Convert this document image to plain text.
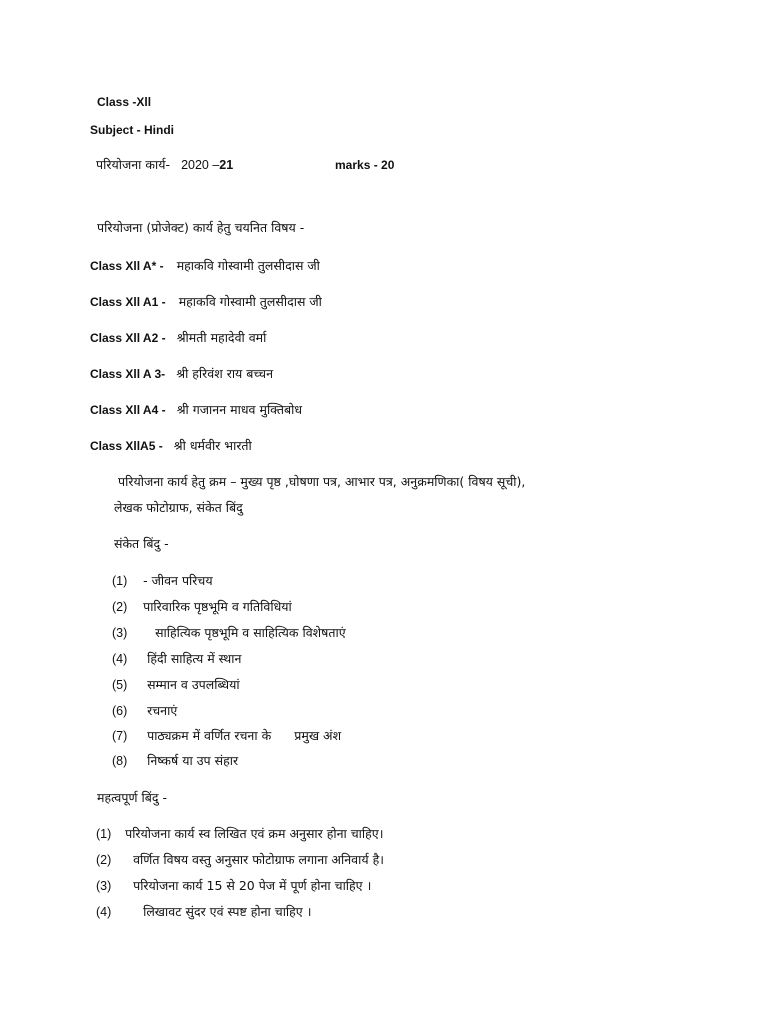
Class -Xll
Subject - Hindi
परियोजना कार्य- 2020 –21	marks - 20
परियोजना (प्रोजेक्ट) कार्य हेतु चयनित विषय -
Class Xll A* - महाकवि गोस्वामी तुलसीदास जी
Class Xll A1 - महाकवि गोस्वामी तुलसीदास जी
Class Xll A2 - श्रीमती महादेवी वर्मा
Class Xll A 3- श्री हरिवंश राय बच्चन
Class Xll A4 - श्री गजानन माधव मुक्तिबोध
Class XllA5 - श्री धर्मवीर भारती
परियोजना कार्य हेतु क्रम – मुख्य पृष्ठ ,घोषणा पत्र, आभार पत्र, अनुक्रमणिका( विषय सूची),
लेखक फोटोग्राफ, संकेत बिंदु
संकेत बिंदु -
(1) - जीवन परिचय
(2) पारिवारिक पृष्ठभूमि व गतिविधियां
(3) साहित्यिक पृष्ठभूमि व साहित्यिक विशेषताएं
(4) हिंदी साहित्य में स्थान
(5) सम्मान व उपलब्धियां
(6) रचनाएं
(7) पाठ्यक्रम में वर्णित रचना के प्रमुख अंश
(8) निष्कर्ष या उप संहार
महत्वपूर्ण बिंदु -
(1) परियोजना कार्य स्व लिखित एवं क्रम अनुसार होना चाहिए।
(2) वर्णित विषय वस्तु अनुसार फोटोग्राफ लगाना अनिवार्य है।
(3) परियोजना कार्य 15 से 20 पेज में पूर्ण होना चाहिए ।
(4)	लिखावट सुंदर एवं स्पष्ट होना चाहिए ।
